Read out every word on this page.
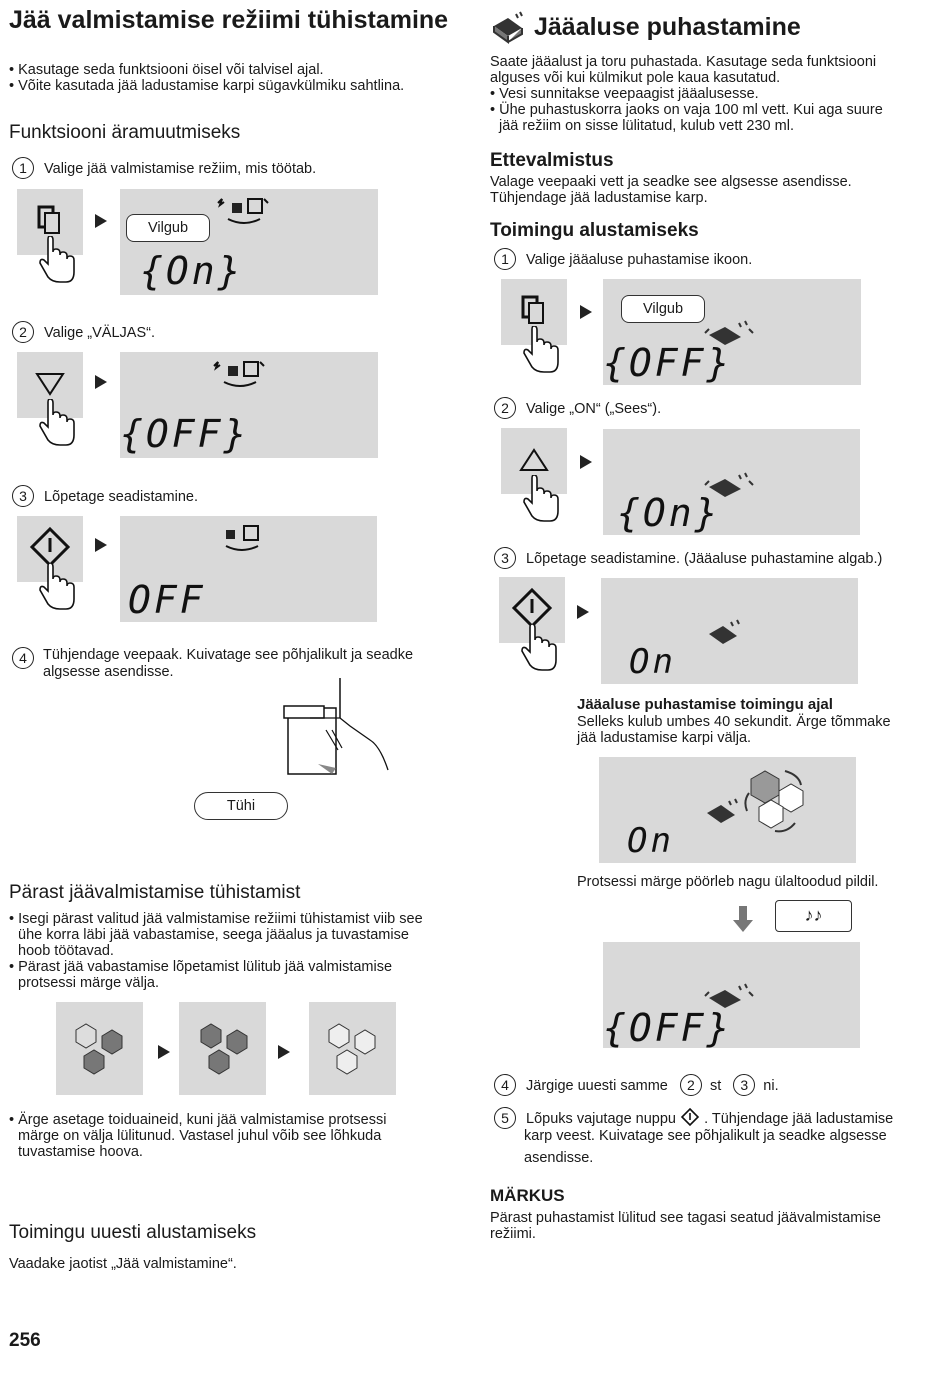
Jää valmistamise režiimi tühistamine
• Kasutage seda funktsiooni öisel või talvisel ajal.
• Võite kasutada jää ladustamise karpi sügavkülmiku sahtlina.
Funktsiooni äramuutmiseks
1 Valige jää valmistamise režiim, mis töötab.
Vilgub
{On}
2 Valige „VÄLJAS“.
{OFF}
3 Lõpetage seadistamine.
OFF
4	Tühjendage veepaak. Kuivatage see põhjalikult ja seadke algsesse asendisse.
Tühi
Pärast jäävalmistamise tühistamist
• Isegi pärast valitud jää valmistamise režiimi tühistamist viib see
ühe korra läbi jää vabastamise, seega jääalus ja tuvastamise
hoob töötavad.
• Pärast jää vabastamise lõpetamist lülitub jää valmistamise
protsessi märge välja.
• Ärge asetage toiduaineid, kuni jää valmistamise protsessi
märge on välja lülitunud. Vastasel juhul võib see lõhkuda
tuvastamise hoova.
Toimingu uuesti alustamiseks
Vaadake jaotist „Jää valmistamine“.
256
Jääaluse puhastamine
Saate jääalust ja toru puhastada. Kasutage seda funktsiooni
alguses või kui külmikut pole kaua kasutatud.
• Vesi sunnitakse veepaagist jääalusesse.
• Ühe puhastuskorra jaoks on vaja 100 ml vett. Kui aga suure
jää režiim on sisse lülitatud, kulub vett 230 ml.
Ettevalmistus
Valage veepaaki vett ja seadke see algsesse asendisse.
Tühjendage jää ladustamise karp.
Toimingu alustamiseks
1 Valige jääaluse puhastamise ikoon.
Vilgub
{OFF}
2 Valige „ON“ („Sees“).
{On}
3 Lõpetage seadistamine. (Jääaluse puhastamine algab.)
On
Jääaluse puhastamise toimingu ajal
Selleks kulub umbes 40 sekundit. Ärge tõmmake
jää ladustamise karpi välja.
On
Protsessi märge pöörleb nagu ülaltoodud pildil.
♪♪
{OFF}
4 Järgige uuesti samme 2 st 3 ni.
5 Lõpuks vajutage nuppu . Tühjendage jää ladustamise
karp veest. Kuivatage see põhjalikult ja seadke algsesse
asendisse.
MÄRKUS
Pärast puhastamist lülitud see tagasi seatud jäävalmistamise
režiimi.
